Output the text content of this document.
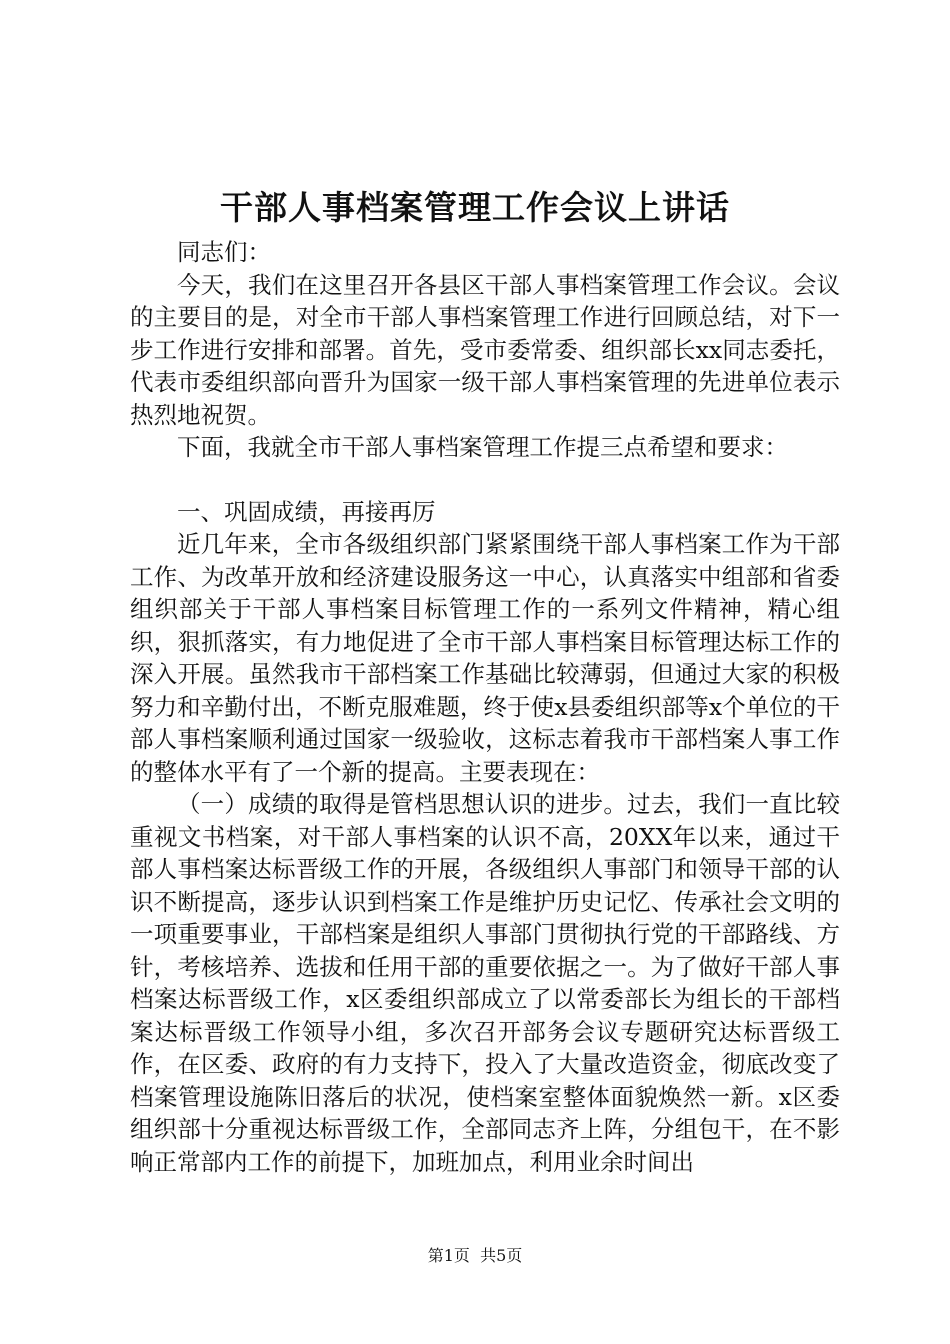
干部人事档案管理工作会议上讲话

同志们：

今天，我们在这里召开各县区干部人事档案管理工作会议。会议的主要目的是，对全市干部人事档案管理工作进行回顾总结，对下一步工作进行安排和部署。首先，受市委常委、组织部长xx同志委托，代表市委组织部向晋升为国家一级干部人事档案管理的先进单位表示热烈地祝贺。

下面，我就全市干部人事档案管理工作提三点希望和要求：

一、巩固成绩，再接再厉

近几年来，全市各级组织部门紧紧围绕干部人事档案工作为干部工作、为改革开放和经济建设服务这一中心，认真落实中组部和省委组织部关于干部人事档案目标管理工作的一系列文件精神，精心组织，狠抓落实，有力地促进了全市干部人事档案目标管理达标工作的深入开展。虽然我市干部档案工作基础比较薄弱，但通过大家的积极努力和辛勤付出，不断克服难题，终于使x县委组织部等x个单位的干部人事档案顺利通过国家一级验收，这标志着我市干部档案人事工作的整体水平有了一个新的提高。主要表现在：

（一）成绩的取得是管档思想认识的进步。过去，我们一直比较重视文书档案，对干部人事档案的认识不高，20XX年以来，通过干部人事档案达标晋级工作的开展，各级组织人事部门和领导干部的认识不断提高，逐步认识到档案工作是维护历史记忆、传承社会文明的一项重要事业，干部档案是组织人事部门贯彻执行党的干部路线、方针，考核培养、选拔和任用干部的重要依据之一。为了做好干部人事档案达标晋级工作，x区委组织部成立了以常委部长为组长的干部档案达标晋级工作领导小组，多次召开部务会议专题研究达标晋级工作，在区委、政府的有力支持下，投入了大量改造资金，彻底改变了档案管理设施陈旧落后的状况，使档案室整体面貌焕然一新。x区委组织部十分重视达标晋级工作，全部同志齐上阵，分组包干，在不影响正常部内工作的前提下，加班加点，利用业余时间出

第1页 共5页
